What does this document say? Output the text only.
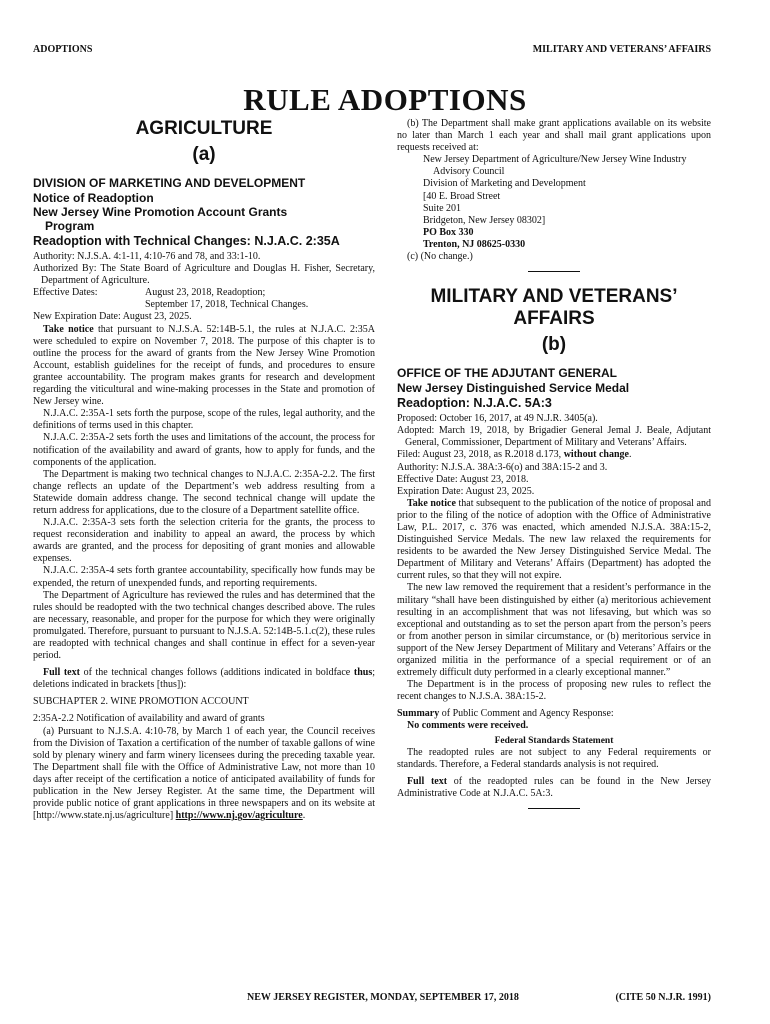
ADOPTIONS	MILITARY AND VETERANS’ AFFAIRS
RULE ADOPTIONS
AGRICULTURE
(a)
DIVISION OF MARKETING AND DEVELOPMENT
Notice of Readoption
New Jersey Wine Promotion Account Grants
Program
Readoption with Technical Changes: N.J.A.C. 2:35A

Authority: N.J.S.A. 4:1-11, 4:10-76 and 78, and 33:1-10.

Authorized By: The State Board of Agriculture and Douglas H. Fisher, Secretary, Department of Agriculture.

Effective Dates:	August 23, 2018, Readoption;
September 17, 2018, Technical Changes.

New Expiration Date: August 23, 2025.

Take notice that pursuant to N.J.S.A. 52:14B-5.1, the rules at N.J.A.C. 2:35A were scheduled to expire on November 7, 2018. The purpose of this chapter is to outline the process for the award of grants from the New Jersey Wine Promotion Account, establish guidelines for the receipt of funds, and procedures to ensure grantee accountability. The program makes grants for research and development regarding the viticultural and wine-making processes in the State and promotion of New Jersey wine.

N.J.A.C. 2:35A-1 sets forth the purpose, scope of the rules, legal authority, and the definitions of terms used in this chapter.

N.J.A.C. 2:35A-2 sets forth the uses and limitations of the account, the process for notification of the availability and award of grants, how to apply for funds, and the components of the application.

The Department is making two technical changes to N.J.A.C. 2:35A-2.2. The first change reflects an update of the Department’s web address resulting from a Statewide domain address change. The second technical change will update the return address for applications, due to the closure of a Department satellite office.

N.J.A.C. 2:35A-3 sets forth the selection criteria for the grants, the process to request reconsideration and inability to appeal an award, the process by which awards are granted, and the process for depositing of grant monies and allowable expenses.

N.J.A.C. 2:35A-4 sets forth grantee accountability, specifically how funds may be expended, the return of unexpended funds, and reporting requirements.

The Department of Agriculture has reviewed the rules and has determined that the rules should be readopted with the two technical changes described above. The rules are necessary, reasonable, and proper for the purpose for which they were originally promulgated. Therefore, pursuant to pursuant to N.J.S.A. 52:14B-5.1.c(2), these rules are readopted with technical changes and shall continue in effect for a seven-year period.

Full text of the technical changes follows (additions indicated in boldface thus; deletions indicated in brackets [thus]):

SUBCHAPTER 2. WINE PROMOTION ACCOUNT

2:35A-2.2 Notification of availability and award of grants

(a) Pursuant to N.J.S.A. 4:10-78, by March 1 of each year, the Council receives from the Division of Taxation a certification of the number of taxable gallons of wine sold by plenary winery and farm winery licensees during the preceding taxable year. The Department shall file with the Office of Administrative Law, not more than 10 days after receipt of the certification a notice of anticipated availability of funds for publication in the New Jersey Register. At the same time, the Department will provide public notice of grant applications in three newspapers and on its website at [http://www.state.nj.us/agriculture] http://www.nj.gov/agriculture.

(b) The Department shall make grant applications available on its website no later than March 1 each year and shall mail grant applications upon requests received at:

New Jersey Department of Agriculture/New Jersey Wine Industry
Advisory Council
Division of Marketing and Development
[40 E. Broad Street
Suite 201
Bridgeton, New Jersey 08302]
PO Box 330
Trenton, NJ 08625-0330

(c) (No change.)

MILITARY AND VETERANS’ AFFAIRS
(b)
OFFICE OF THE ADJUTANT GENERAL
New Jersey Distinguished Service Medal
Readoption: N.J.A.C. 5A:3

Proposed: October 16, 2017, at 49 N.J.R. 3405(a).

Adopted: March 19, 2018, by Brigadier General Jemal J. Beale, Adjutant General, Commissioner, Department of Military and Veterans’ Affairs.

Filed: August 23, 2018, as R.2018 d.173, without change.

Authority: N.J.S.A. 38A:3-6(o) and 38A:15-2 and 3.

Effective Date: August 23, 2018.

Expiration Date: August 23, 2025.

Take notice that subsequent to the publication of the notice of proposal and prior to the filing of the notice of adoption with the Office of Administrative Law, P.L. 2017, c. 376 was enacted, which amended N.J.S.A. 38A:15-2, Distinguished Service Medals. The new law relaxed the requirements for residents to be awarded the New Jersey Distinguished Service Medal. The Department of Military and Veterans’ Affairs (Department) has adopted the current rules, so that they will not expire.

The new law removed the requirement that a resident’s performance in the military “shall have been distinguished by either (a) meritorious achievement resulting in an accomplishment that was not lifesaving, but which was so exceptional and outstanding as to set the person apart from the person’s peers or from another person in similar circumstance, or (b) meritorious service in support of the New Jersey Department of Military and Veterans’ Affairs or the organized militia in the performance of a special requirement or of an extremely difficult duty performed in a clearly exceptional manner.”

The Department is in the process of proposing new rules to reflect the recent changes to N.J.S.A. 38A:15-2.

Summary of Public Comment and Agency Response:

No comments were received.

Federal Standards Statement

The readopted rules are not subject to any Federal requirements or standards. Therefore, a Federal standards analysis is not required.

Full text of the readopted rules can be found in the New Jersey Administrative Code at N.J.A.C. 5A:3.

NEW JERSEY REGISTER, MONDAY, SEPTEMBER 17, 2018	(CITE 50 N.J.R. 1991)
